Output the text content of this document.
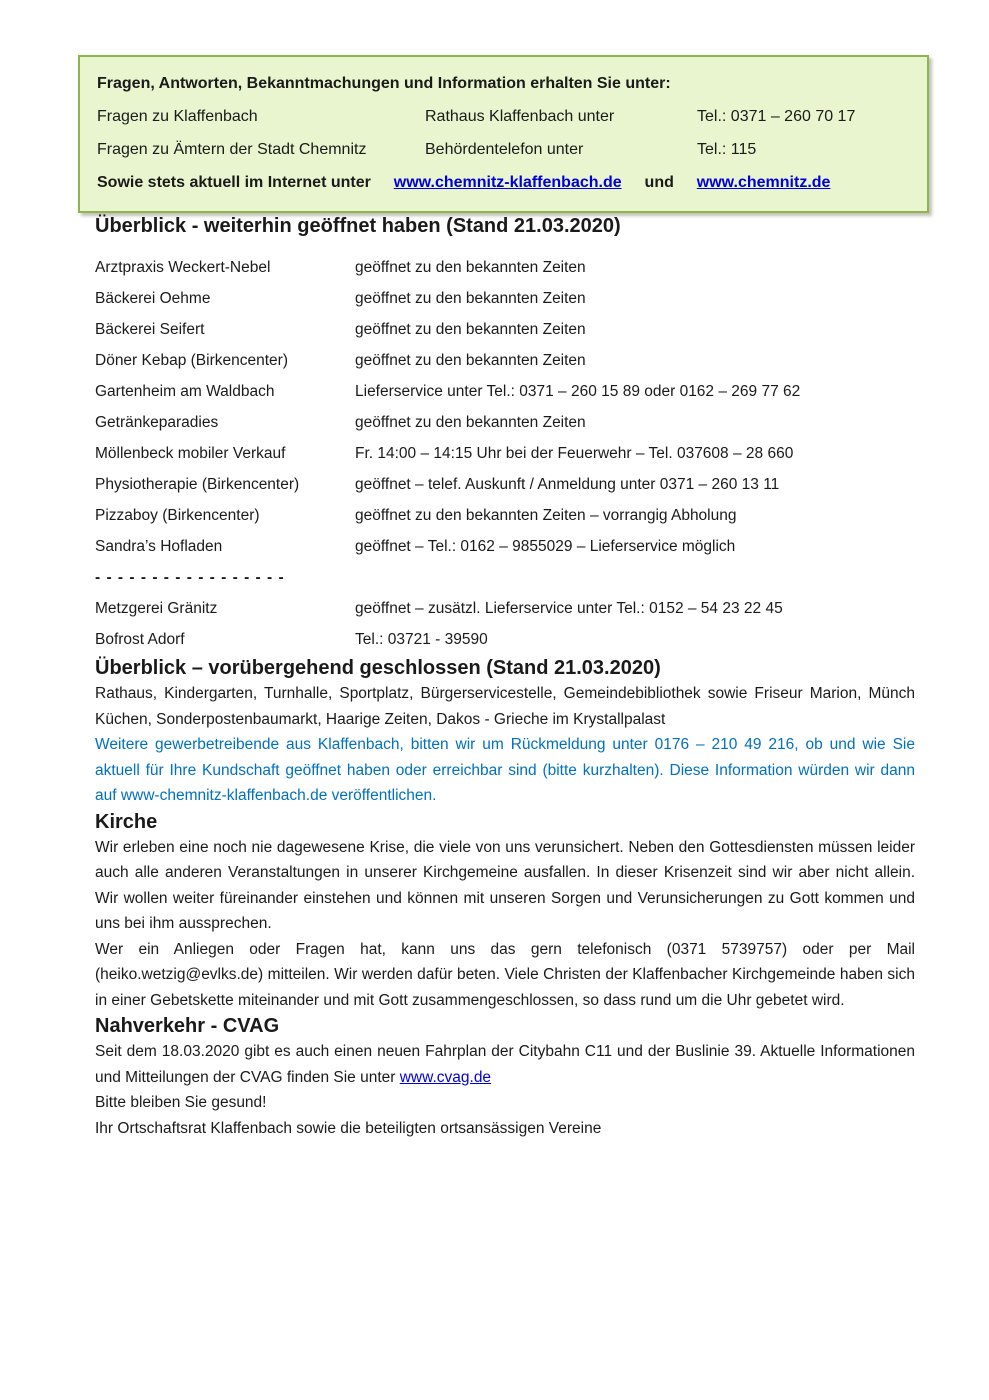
Fragen, Antworten, Bekanntmachungen und Information erhalten Sie unter:
Fragen zu Klaffenbach	Rathaus Klaffenbach unter	Tel.: 0371 – 260 70 17
Fragen zu Ämtern der Stadt Chemnitz	Behördentelefon unter	Tel.: 115
Sowie stets aktuell im Internet unter www.chemnitz-klaffenbach.de und www.chemnitz.de
Überblick - weiterhin geöffnet haben (Stand 21.03.2020)
Arztpraxis Weckert-Nebel	geöffnet zu den bekannten Zeiten
Bäckerei Oehme	geöffnet zu den bekannten Zeiten
Bäckerei Seifert	geöffnet zu den bekannten Zeiten
Döner Kebap (Birkencenter)	geöffnet zu den bekannten Zeiten
Gartenheim am Waldbach	Lieferservice unter Tel.: 0371 – 260 15 89 oder 0162 – 269 77 62
Getränkeparadies	geöffnet zu den bekannten Zeiten
Möllenbeck mobiler Verkauf	Fr. 14:00 – 14:15 Uhr bei der Feuerwehr – Tel. 037608 – 28 660
Physiotherapie (Birkencenter)	geöffnet – telef. Auskunft / Anmeldung unter 0371 – 260 13 11
Pizzaboy (Birkencenter)	geöffnet zu den bekannten Zeiten – vorrangig Abholung
Sandra’s Hofladen	geöffnet – Tel.: 0162 – 9855029 – Lieferservice möglich
- - - - - - - - - - - - - - - - -
Metzgerei Gränitz	geöffnet – zusätzl. Lieferservice unter Tel.: 0152 – 54 23 22 45
Bofrost Adorf	Tel.: 03721 - 39590
Überblick – vorübergehend geschlossen (Stand 21.03.2020)

Rathaus, Kindergarten, Turnhalle, Sportplatz, Bürgerservicestelle, Gemeindebibliothek sowie Friseur Marion, Münch Küchen, Sonderpostenbaumarkt, Haarige Zeiten, Dakos - Grieche im Krystallpalast

Weitere gewerbetreibende aus Klaffenbach, bitten wir um Rückmeldung unter 0176 – 210 49 216, ob und wie Sie aktuell für Ihre Kundschaft geöffnet haben oder erreichbar sind (bitte kurzhalten). Diese Information würden wir dann auf www-chemnitz-klaffenbach.de veröffentlichen.

Kirche

Wir erleben eine noch nie dagewesene Krise, die viele von uns verunsichert. Neben den Gottesdiensten müssen leider auch alle anderen Veranstaltungen in unserer Kirchgemeine ausfallen. In dieser Krisenzeit sind wir aber nicht allein. Wir wollen weiter füreinander einstehen und können mit unseren Sorgen und Verunsicherungen zu Gott kommen und uns bei ihm aussprechen.

Wer ein Anliegen oder Fragen hat, kann uns das gern telefonisch (0371 5739757) oder per Mail (heiko.wetzig@evlks.de) mitteilen. Wir werden dafür beten. Viele Christen der Klaffenbacher Kirchgemeinde haben sich in einer Gebetskette miteinander und mit Gott zusammengeschlossen, so dass rund um die Uhr gebetet wird.

Nahverkehr - CVAG

Seit dem 18.03.2020 gibt es auch einen neuen Fahrplan der Citybahn C11 und der Buslinie 39. Aktuelle Informationen und Mitteilungen der CVAG finden Sie unter www.cvag.de

Bitte bleiben Sie gesund!

Ihr Ortschaftsrat Klaffenbach sowie die beteiligten ortsansässigen Vereine
